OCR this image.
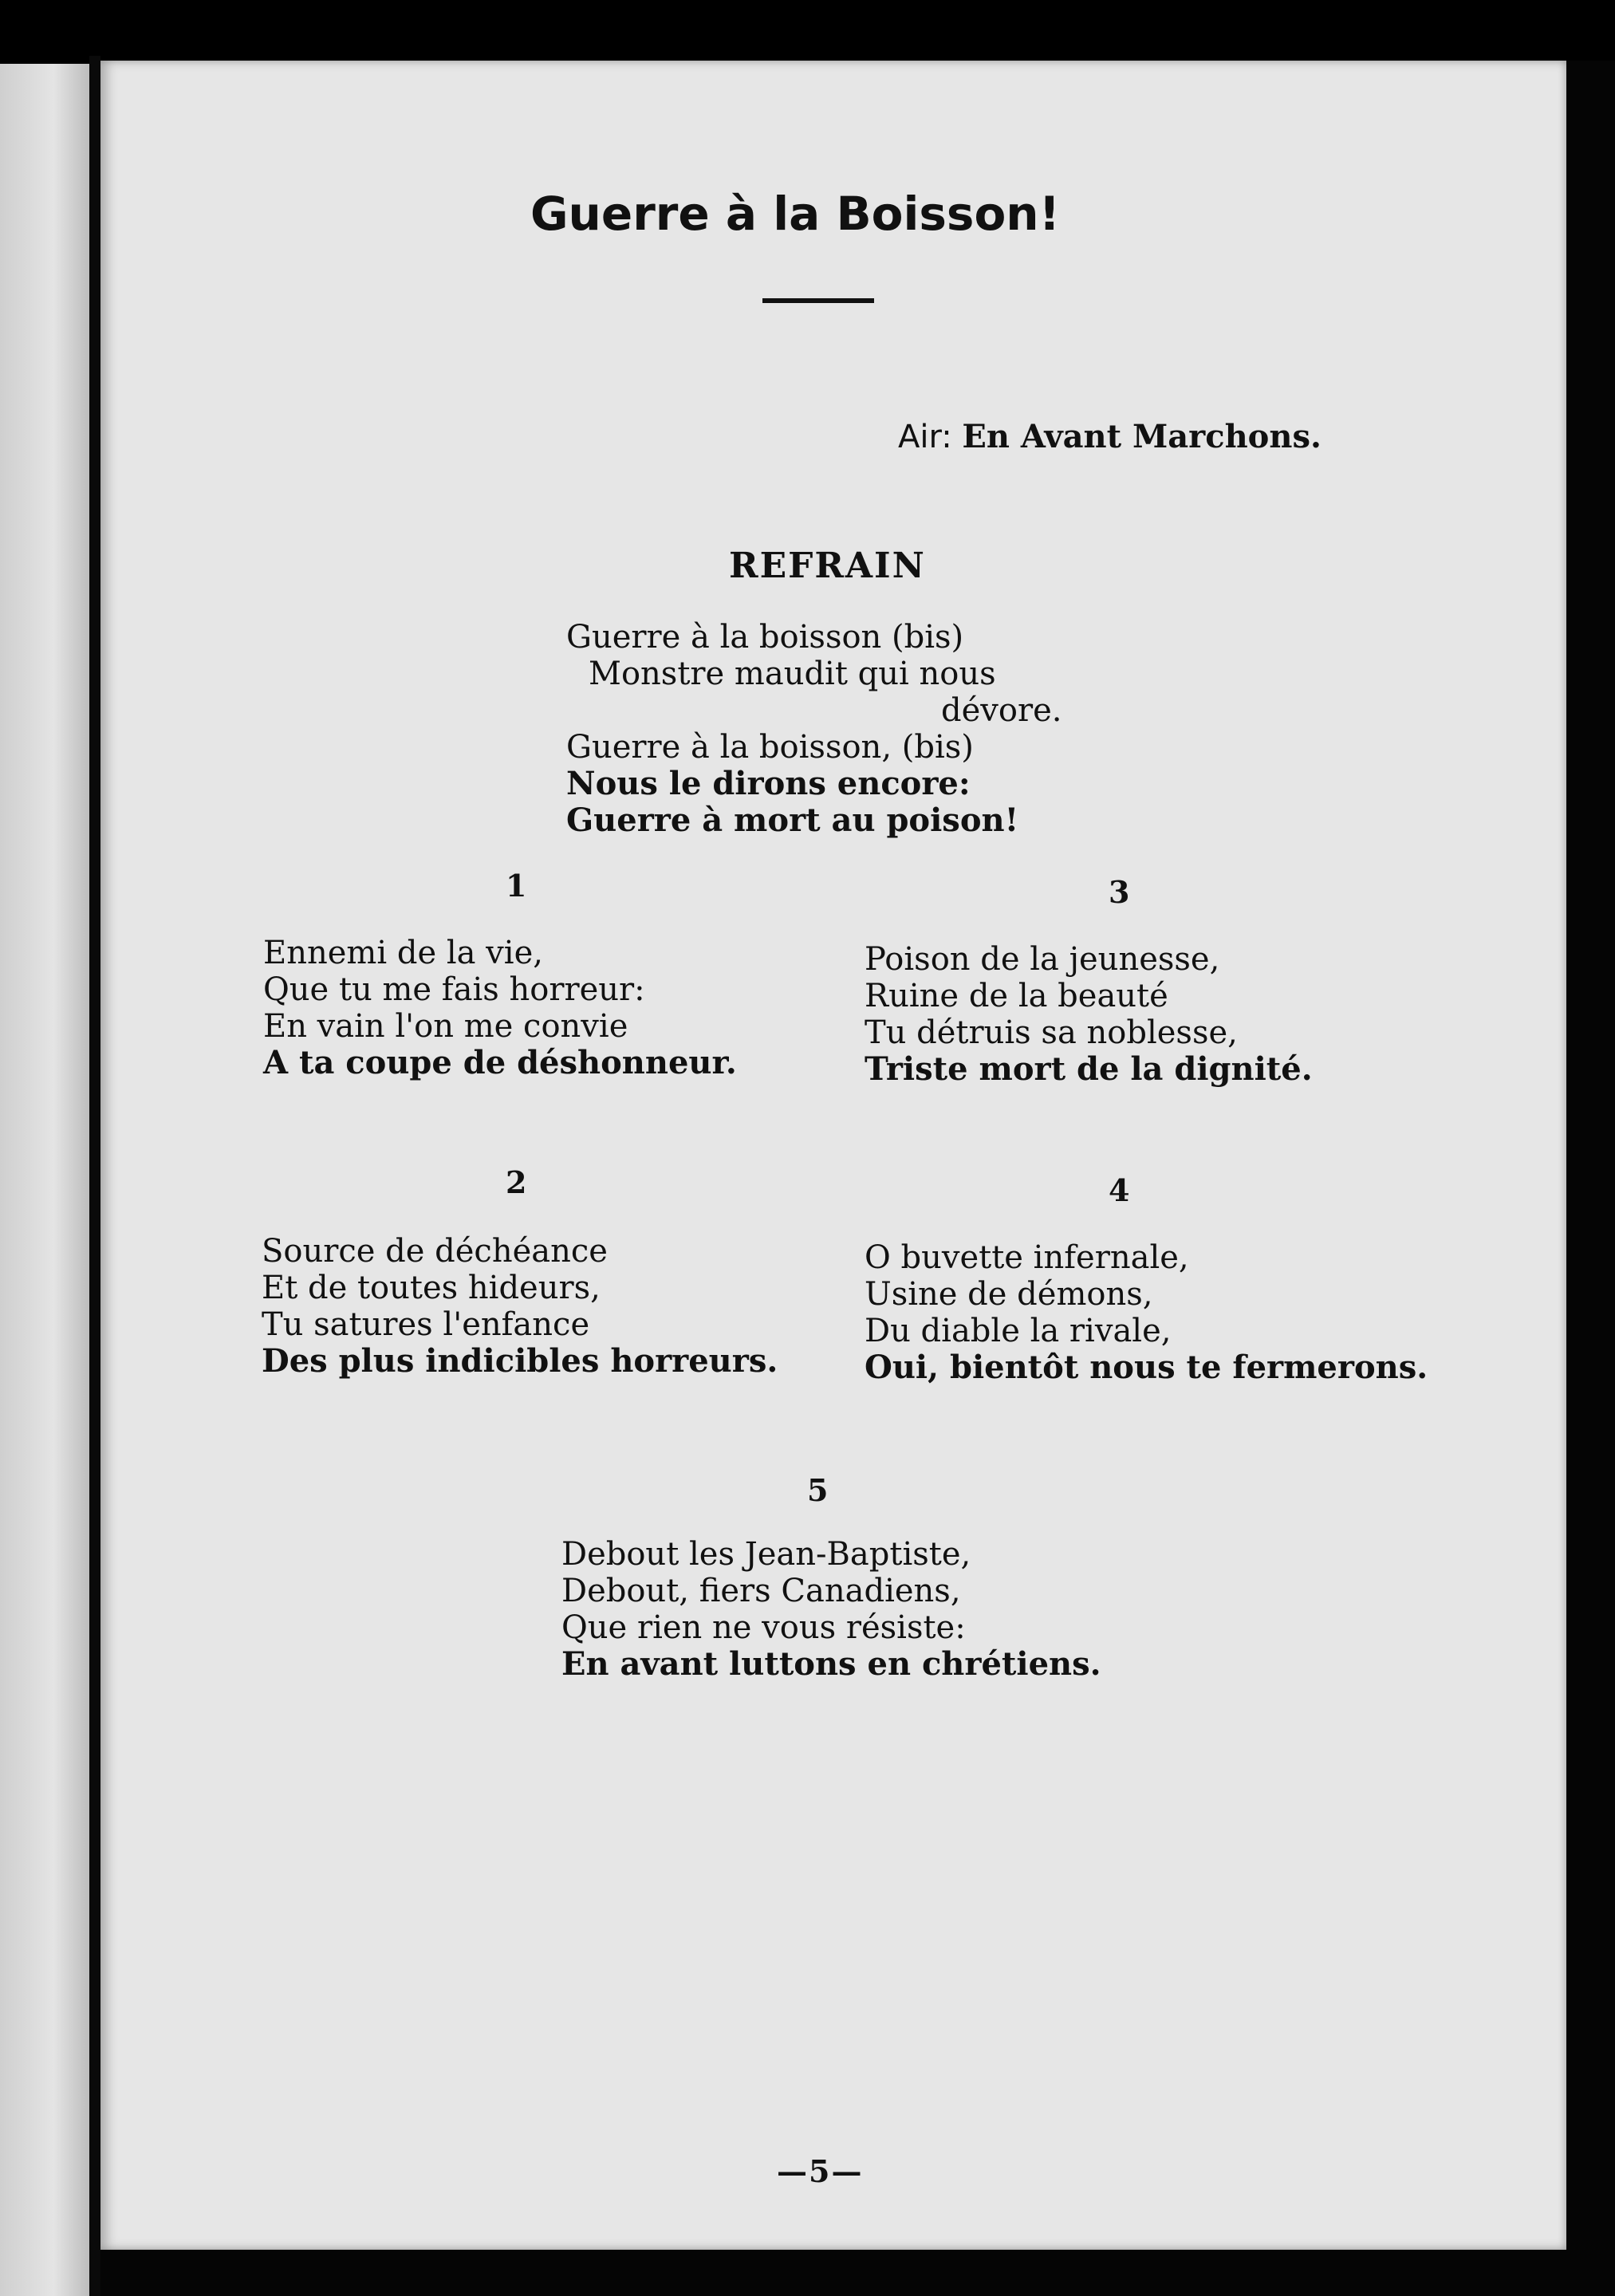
Guerre à la Boisson!
Air: En Avant Marchons.
REFRAIN
Guerre à la boisson (bis)
Monstre maudit qui nous
dévore.
Guerre à la boisson, (bis)
Nous le dirons encore:
Guerre à mort au poison!
1
Ennemi de la vie,
Que tu me fais horreur:
En vain l'on me convie
A ta coupe de déshonneur.
3
Poison de la jeunesse,
Ruine de la beauté
Tu détruis sa noblesse,
Triste mort de la dignité.
2
Source de déchéance
Et de toutes hideurs,
Tu satures l'enfance
Des plus indicibles horreurs.
4
O buvette infernale,
Usine de démons,
Du diable la rivale,
Oui, bientôt nous te fermerons.
5
Debout les Jean-Baptiste,
Debout, fiers Canadiens,
Que rien ne vous résiste:
En avant luttons en chrétiens.
—5—
